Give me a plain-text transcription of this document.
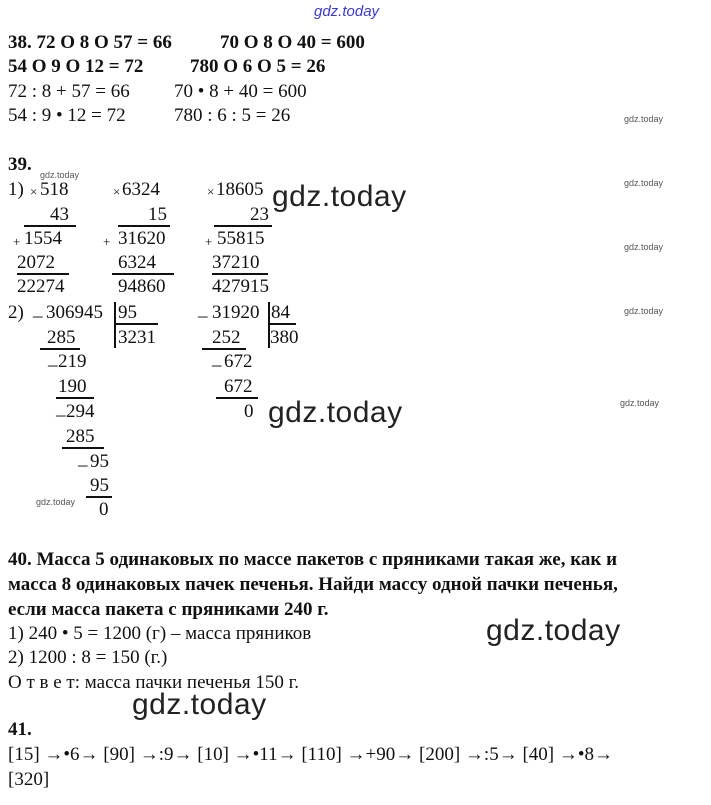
gdz.today
gdz.today
gdz.today
gdz.today
gdz.today
gdz.today
gdz.today
gdz.today
gdz.today
gdz.today
gdz.today
gdz.today
38. 72 O 8 O 57 = 66	70 O 8 O 40 = 600
54 O 9 O 12 = 72 780 O 6 O 5 = 26
72 : 8 + 57 = 66 70 • 8 + 40 = 600
54 : 9 • 12 = 72	780 : 6 : 5 = 26
39.
1) × 518
43
+ 1554
2072
22274
× 6324
15
+ 31620
6324
94860
× 18605
23
+ 55815
37210
427915
2) _ 306945 95
3231
285
_ 219
190
_ 294
285
_ 95
95
0
_ 31920 84
380
252
_ 672
672
0
40. Масса 5 одинаковых по массе пакетов с пряниками такая же, как и
масса 8 одинаковых пачек печенья. Найди массу одной пачки печенья,
если масса пакета с пряниками 240 г.
1) 240 • 5 = 1200 (г) – масса пряников
2) 1200 : 8 = 150 (г.)
О т в е т: масса пачки печенья 150 г.
41.
[15] →•6→ [90] →:9→ [10] →•11→ [110] →+90→ [200] →:5→ [40] →•8→
[320]
